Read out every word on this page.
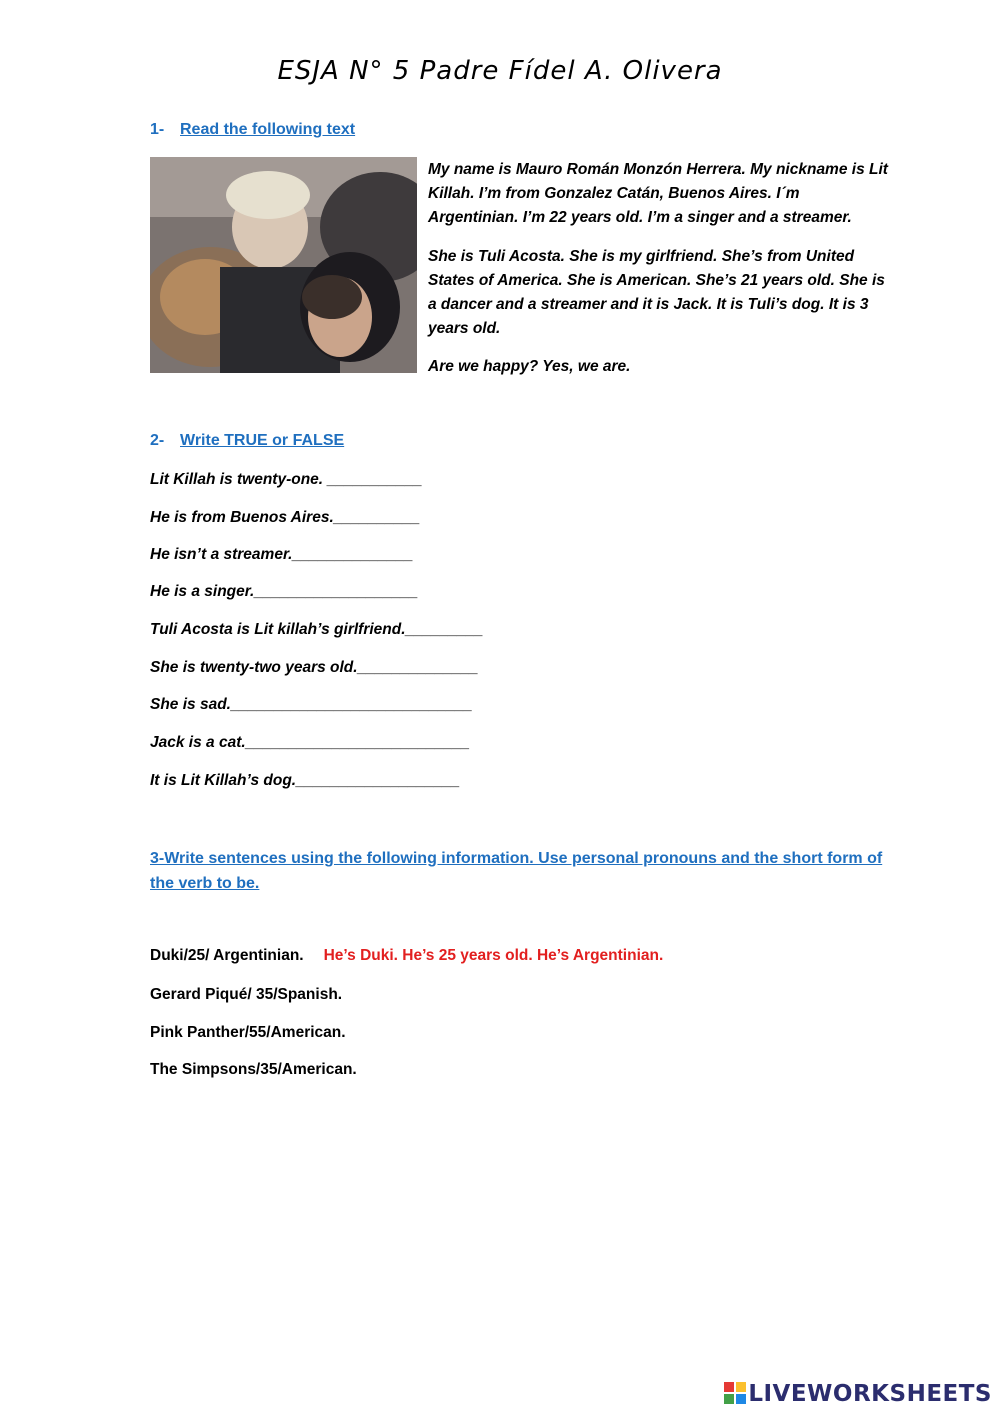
ESJA N° 5 Padre Fídel A. Olivera
1- Read the following text
My name is Mauro Román Monzón Herrera. My nickname is Lit Killah. I’m from Gonzalez Catán, Buenos Aires. I´m Argentinian. I’m 22 years old. I’m a singer and a streamer.
She is Tuli Acosta. She is my girlfriend. She’s from United States of America. She is American. She’s 21 years old. She is a dancer and a streamer and it is Jack. It is Tuli’s dog. It is 3 years old.
Are we happy? Yes, we are.
2- Write TRUE or FALSE
Lit Killah is twenty-one. ___________
He is from Buenos Aires.__________
He isn’t a streamer.______________
He is a singer.___________________
Tuli Acosta is Lit killah’s girlfriend._________
She is twenty-two years old.______________
She is sad.____________________________
Jack is a cat.__________________________
It is Lit Killah’s dog.___________________
3-Write sentences using the following information. Use personal pronouns and the short form of the verb to be.
Duki/25/ Argentinian. He’s Duki. He’s 25 years old. He’s Argentinian.
Gerard Piqué/ 35/Spanish.
Pink Panther/55/American.
The Simpsons/35/American.
LIVEWORKSHEETS
